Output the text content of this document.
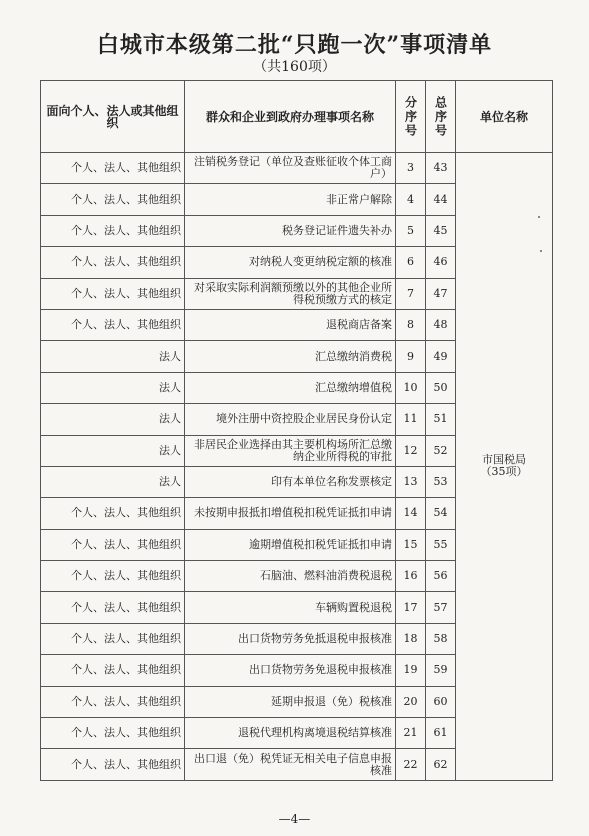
白城市本级第二批“只跑一次”事项清单
（共160项）
面向个人、法人或其他组织	群众和企业到政府办理事项名称	分序号	总序号	单位名称
个人、法人、其他组织	注销税务登记（单位及查账征收个体工商户）	3	43	市国税局
（35项）

个人、法人、其他组织	非正常户解除	4	44	
个人、法人、其他组织	税务登记证件遗失补办	5	45	
个人、法人、其他组织	对纳税人变更纳税定额的核准	6	46	
个人、法人、其他组织	对采取实际利润额预缴以外的其他企业所得税预缴方式的核定	7	47	
个人、法人、其他组织	退税商店备案	8	48	
法人	汇总缴纳消费税	9	49	
法人	汇总缴纳增值税	10	50	
法人	境外注册中资控股企业居民身份认定	11	51	
法人	非居民企业选择由其主要机构场所汇总缴纳企业所得税的审批	12	52	
法人	印有本单位名称发票核定	13	53	
个人、法人、其他组织	未按期申报抵扣增值税扣税凭证抵扣申请	14	54	
个人、法人、其他组织	逾期增值税扣税凭证抵扣申请	15	55	
个人、法人、其他组织	石脑油、燃料油消费税退税	16	56	
个人、法人、其他组织	车辆购置税退税	17	57	
个人、法人、其他组织	出口货物劳务免抵退税申报核准	18	58	
个人、法人、其他组织	出口货物劳务免退税申报核准	19	59	
个人、法人、其他组织	延期申报退（免）税核准	20	60	
个人、法人、其他组织	退税代理机构离境退税结算核准	21	61	
个人、法人、其他组织	出口退（免）税凭证无相关电子信息申报核准	22	62	
—4—
